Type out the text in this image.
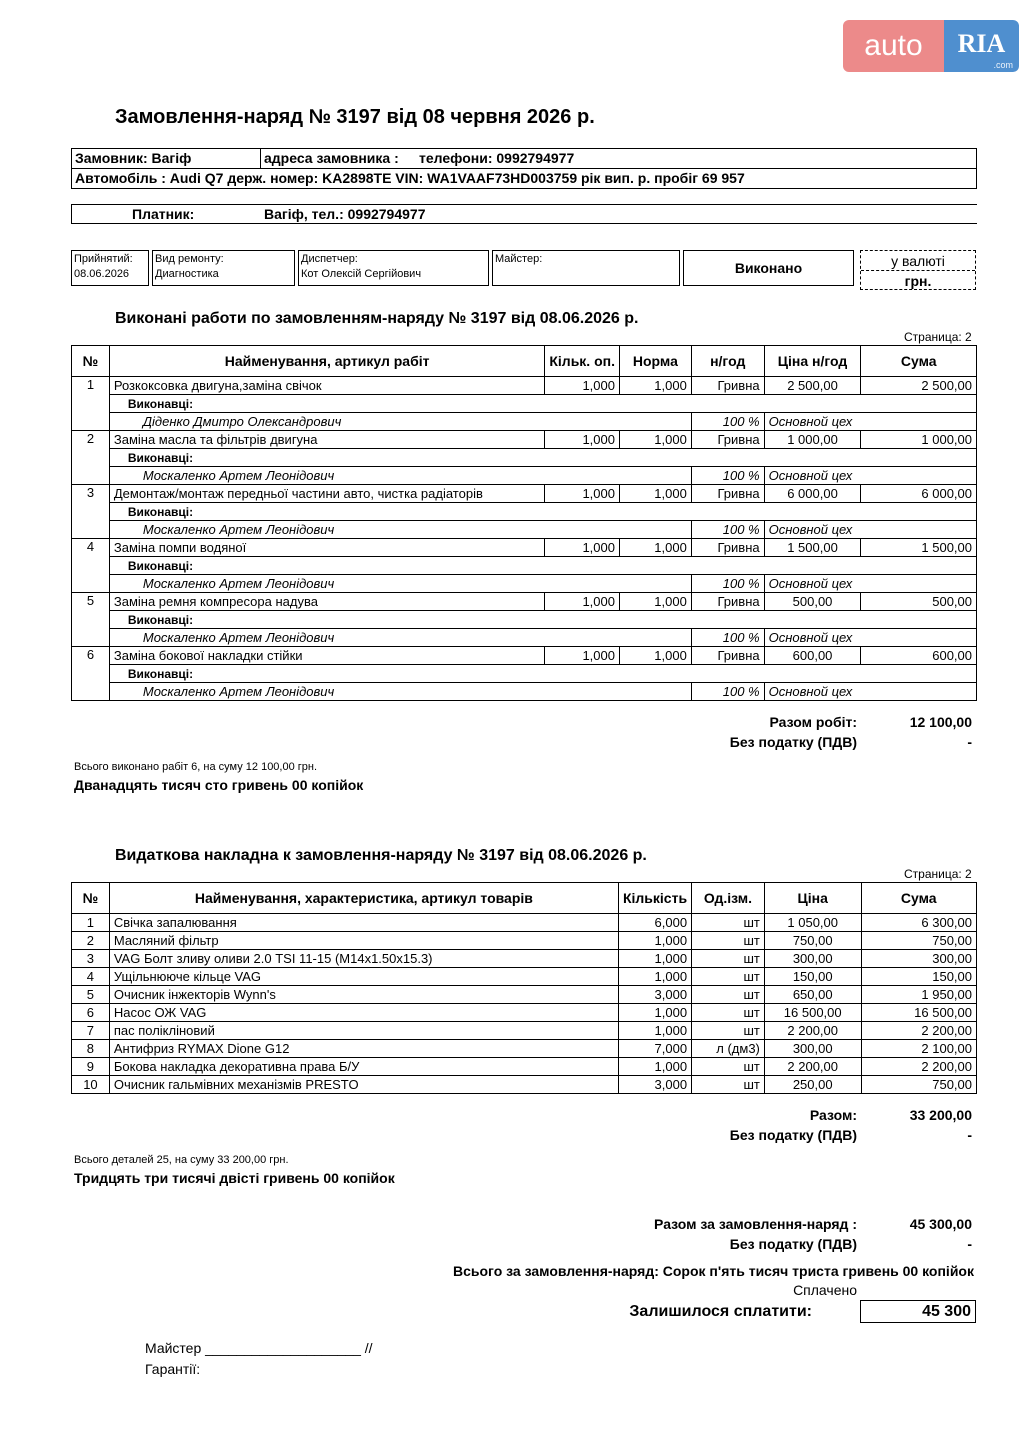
auto	RIA
.com
Замовлення-наряд № 3197 від 08 червня 2026 р.
Замовник: Вагіф	адреса замовника : телефони: 0992794977
Автомобіль : Audi Q7 держ. номер: KA2898TE VIN: WA1VAAF73HD003759 рік вип. р. пробіг 69 957
Платник:	Вагіф, тел.: 0992794977
Прийнятий:
08.06.2026
Вид ремонту:
Диагностика
Диспетчер:
Кот Олексій Сергійович
Майстер:
Виконано	у валюті
грн.
Виконані работи по замовленням-наряду № 3197 від 08.06.2026 р.
Страница: 2
№	Найменування, артикул рабіт	Кільк. оп.	Норма	н/год	Ціна н/год	Сума
1	Розкоксовка двигуна,заміна свічок	1,000	1,000	Гривна	2 500,00	2 500,00
	Виконавці:					
	Діденко Дмитро Олександрович			100 %	Основной цех	
2	Заміна масла та фільтрів двигуна	1,000	1,000	Гривна	1 000,00	1 000,00
	Виконавці:					
	Москаленко Артем Леонідович			100 %	Основной цех	
3	Демонтаж/монтаж передньої частини авто, чистка радіаторів	1,000	1,000	Гривна	6 000,00	6 000,00
	Виконавці:					
	Москаленко Артем Леонідович			100 %	Основной цех	
4	Заміна помпи водяної	1,000	1,000	Гривна	1 500,00	1 500,00
	Виконавці:					
	Москаленко Артем Леонідович			100 %	Основной цех	
5	Заміна ремня компресора надува	1,000	1,000	Гривна	500,00	500,00
	Виконавці:					
	Москаленко Артем Леонідович			100 %	Основной цех	
6	Заміна бокової накладки стійки	1,000	1,000	Гривна	600,00	600,00
	Виконавці:					
	Москаленко Артем Леонідович			100 %	Основной цех	
Разом робіт:	12 100,00
Без податку (ПДВ)	-
Всього виконано рабіт 6, на суму 12 100,00 грн.
Дванадцять тисяч сто гривень 00 копійок
Видаткова накладна к замовлення-наряду № 3197 від 08.06.2026 р.
Страница: 2
№	Найменування, характеристика, артикул товарів	Кількість	Од.ізм.	Ціна	Сума
1	Свічка запалювання	6,000	шт	1 050,00	6 300,00
2	Масляний фільтр	1,000	шт	750,00	750,00
3	VAG Болт зливу оливи 2.0 TSI 11-15 (M14x1.50x15.3)	1,000	шт	300,00	300,00
4	Ущільнююче кільце VAG	1,000	шт	150,00	150,00
5	Очисник інжекторів Wynn's	3,000	шт	650,00	1 950,00
6	Насос ОЖ VAG	1,000	шт	16 500,00	16 500,00
7	пас полікліновий	1,000	шт	2 200,00	2 200,00
8	Антифриз RYMAX Dione G12	7,000	л (дм3)	300,00	2 100,00
9	Бокова накладка декоративна права Б/У	1,000	шт	2 200,00	2 200,00
10	Очисник гальмівних механізмів PRESTO	3,000	шт	250,00	750,00
Разом:	33 200,00
Без податку (ПДВ)	-
Всього деталей 25, на суму 33 200,00 грн.
Тридцять три тисячі двісті гривень 00 копійок
Разом за замовлення-наряд :	45 300,00
Без податку (ПДВ)	-
Всього за замовлення-наряд: Сорок п'ять тисяч триста гривень 00 копійок
Сплачено
Залишилося сплатити:	45 300
Майстер ____________________ //
Гарантії:
